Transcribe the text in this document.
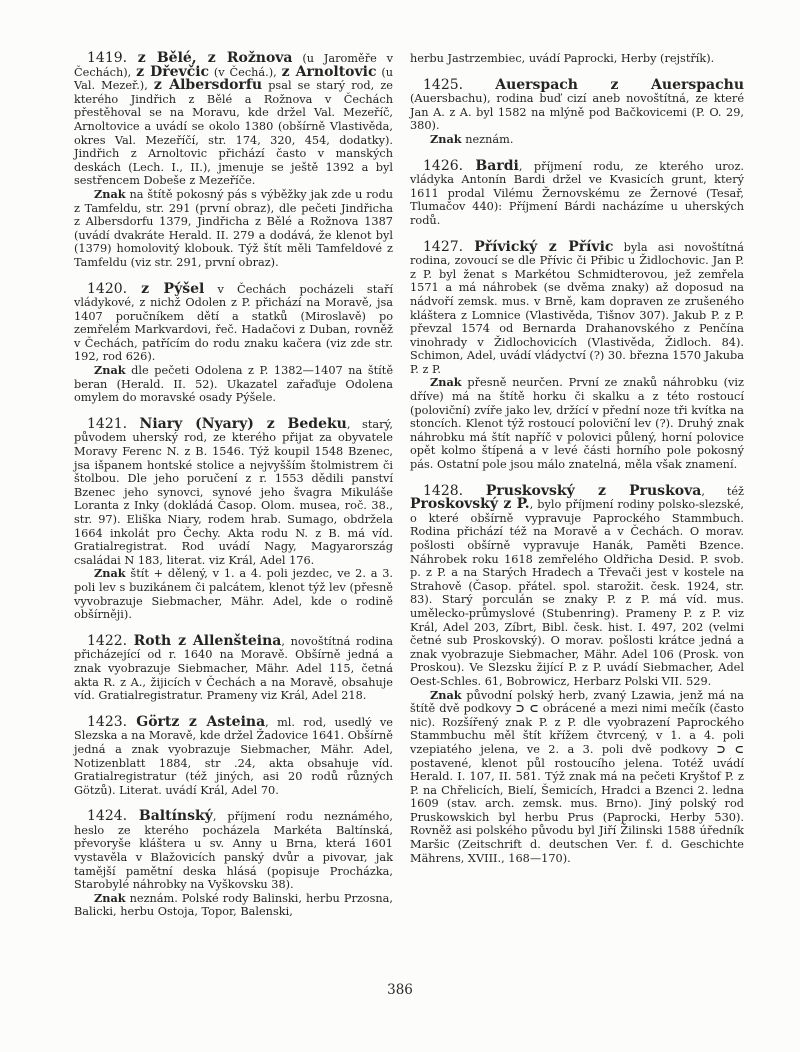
1419. z Bělé, z Rožnova (u Jaroměře v Čechách), z Dřevčic (v Čechá.), z Arnoltovic (u Val. Mezeř.), z Albersdorfu psal se starý rod, ze kterého Jindřich z Bělé a Rožnova v Čechách přestěhoval se na Moravu, kde držel Val. Mezeříč, Arnoltovice a uvádí se okolo 1380 (obšírně Vlastivěda, okres Val. Mezeříčí, str. 174, 320, 454, dodatky). Jindřich z Arnoltovic přichází často v manských deskách (Lech. I., II.), jmenuje se ještě 1392 a byl sestřencem Dobeše z Mezeříče.

Znak na štítě pokosný pás s výběžky jak zde u rodu z Tamfeldu, str. 291 (první obraz), dle pečeti Jindřicha z Albersdorfu 1379, Jindřicha z Bělé a Rožnova 1387 (uvádí dvakráte Herald. II. 279 a dodává, že klenot byl (1379) homolovitý klobouk. Týž štít měli Tamfeldové z Tamfeldu (viz str. 291, první obraz).

1420. z Pýšel v Čechách pocházeli staří vládykové, z nichž Odolen z P. přichází na Moravě, jsa 1407 poručníkem dětí a statků (Miroslavě) po zemřelém Markvardovi, řeč. Hadačovi z Duban, rovněž v Čechách, patřícím do rodu znaku kačera (viz zde str. 192, rod 626).

Znak dle pečeti Odolena z P. 1382—1407 na štítě beran (Herald. II. 52). Ukazatel zařaďuje Odolena omylem do moravské osady Pýšele.

1421. Niary (Nyary) z Bedeku, starý, původem uherský rod, ze kterého přijat za obyvatele Moravy Ferenc N. z B. 1546. Týž koupil 1548 Bzenec, jsa išpanem hontské stolice a nejvyšším štolmistrem či štolbou. Dle jeho poručení z r. 1553 dědili panství Bzenec jeho synovci, synové jeho švagra Mikuláše Loranta z Inky (dokládá Časop. Olom. musea, roč. 38., str. 97). Eliška Niary, rodem hrab. Sumago, obdržela 1664 inkolát pro Čechy. Akta rodu N. z B. má víd. Gratialregistrat. Rod uvádí Nagy, Magyarország családai N 183, literat. viz Král, Adel 176.

Znak štít + dělený, v 1. a 4. poli jezdec, ve 2. a 3. poli lev s buzikánem či palcátem, klenot týž lev (přesně vyvobrazuje Siebmacher, Mähr. Adel, kde o rodině obšírněji).

1422. Roth z Allenšteina, novoštítná rodina přicházející od r. 1640 na Moravě. Obšírně jedná a znak vyobrazuje Siebmacher, Mähr. Adel 115, četná akta R. z A., žijicích v Čechách a na Moravě, obsahuje víd. Gratialregistratur. Prameny viz Král, Adel 218.

1423. Görtz z Asteina, ml. rod, usedlý ve Slezska a na Moravě, kde držel Žadovice 1641. Obšírně jedná a znak vyobrazuje Siebmacher, Mähr. Adel, Notizenblatt 1884, str .24, akta obsahuje víd. Gratialregistratur (též jiných, asi 20 rodů různých Götzů). Literat. uvádí Král, Adel 70.

1424. Baltínský, příjmení rodu neznámého, heslo ze kterého pocházela Markéta Baltínská, převoryše kláštera u sv. Anny u Brna, která 1601 vystavěla v Blažovicích panský dvůr a pivovar, jak tamější pamětní deska hlásá (popisuje Procházka, Starobylé náhrobky na Vyškovsku 38).

Znak neznám. Polské rody Balinski, herbu Przosna, Balicki, herbu Ostoja, Topor, Balenski,

herbu Jastrzembiec, uvádí Paprocki, Herby (rejstřík).

1425. Auerspach z Auerspachu (Auersbachu), rodina buď cizí aneb novoštítná, ze které Jan A. z A. byl 1582 na mlýně pod Bačkovicemi (P. O. 29, 380).

Znak neznám.

1426. Bardi, příjmení rodu, ze kterého uroz. vládyka Antonín Bardi držel ve Kvasicích grunt, který 1611 prodal Vilému Žernovskému ze Žernové (Tesař, Tlumačov 440): Příjmení Bárdi nacházíme u uherských rodů.

1427. Přívický z Přívic byla asi novoštítná rodina, zovoucí se dle Přívic či Přibic u Židlochovic. Jan P. z P. byl ženat s Markétou Schmidterovou, jež zemřela 1571 a má náhrobek (se dvěma znaky) až doposud na nádvoří zemsk. mus. v Brně, kam dopraven ze zrušeného kláštera z Lomnice (Vlastivěda, Tišnov 307). Jakub P. z P. převzal 1574 od Bernarda Drahanovského z Penčína vinohrady v Židlochovicích (Vlastivěda, Židloch. 84). Schimon, Adel, uvádí vládyctví (?) 30. března 1570 Jakuba P. z P.

Znak přesně neurčen. První ze znaků náhrobku (viz dříve) má na štítě horku či skalku a z této rostoucí (poloviční) zvíře jako lev, držící v přední noze tři kvítka na stoncích. Klenot týž rostoucí poloviční lev (?). Druhý znak náhrobku má štít napříč v polovici půlený, horní polovice opět kolmo štípená a v levé části horního pole pokosný pás. Ostatní pole jsou málo znatelná, měla však znamení.

1428. Pruskovský z Pruskova, též Proskovský z P., bylo příjmení rodiny polsko-slezské, o které obšírně vypravuje Paprockého Stammbuch. Rodina přichází též na Moravě a v Čechách. O morav. pošlosti obšírně vypravuje Hanák, Paměti Bzence. Náhrobek roku 1618 zemřelého Oldřicha Desid. P. svob. p. z P. a na Starých Hradech a Třevači jest v kostele na Strahově (Časop. přátel. spol. starožit. česk. 1924, str. 83). Starý porculán se znaky P. z P. má víd. mus. umělecko-průmyslové (Stubenring). Prameny P. z P. viz Král, Adel 203, Zíbrt, Bibl. česk. hist. I. 497, 202 (velmi četné sub Proskovský). O morav. pošlosti krátce jedná a znak vyobrazuje Siebmacher, Mähr. Adel 106 (Prosk. von Proskou). Ve Slezsku žijící P. z P. uvádí Siebmacher, Adel Oest-Schles. 61, Bobrowicz, Herbarz Polski VII. 529.

Znak původní polský herb, zvaný Lzawia, jenž má na štítě dvě podkovy ⊃ ⊂ obrácené a mezi nimi mečík (často nic). Rozšířený znak P. z P. dle vyobrazení Paprockého Stammbuchu měl štít křížem čtvrcený, v 1. a 4. poli vzepiatého jelena, ve 2. a 3. poli dvě podkovy ⊃ ⊂ postavené, klenot půl rostoucího jelena. Totéž uvádí Herald. I. 107, II. 581. Týž znak má na pečeti Kryštof P. z P. na Chřelicích, Bielí, Šemicích, Hradci a Bzenci 2. ledna 1609 (stav. arch. zemsk. mus. Brno). Jiný polský rod Pruskowskich byl herbu Prus (Paprocki, Herby 530). Rovněž asi polského původu byl Jiří Žilinski 1588 úředník Maršic (Zeitschrift d. deutschen Ver. f. d. Geschichte Mährens, XVIII., 168—170).

386
